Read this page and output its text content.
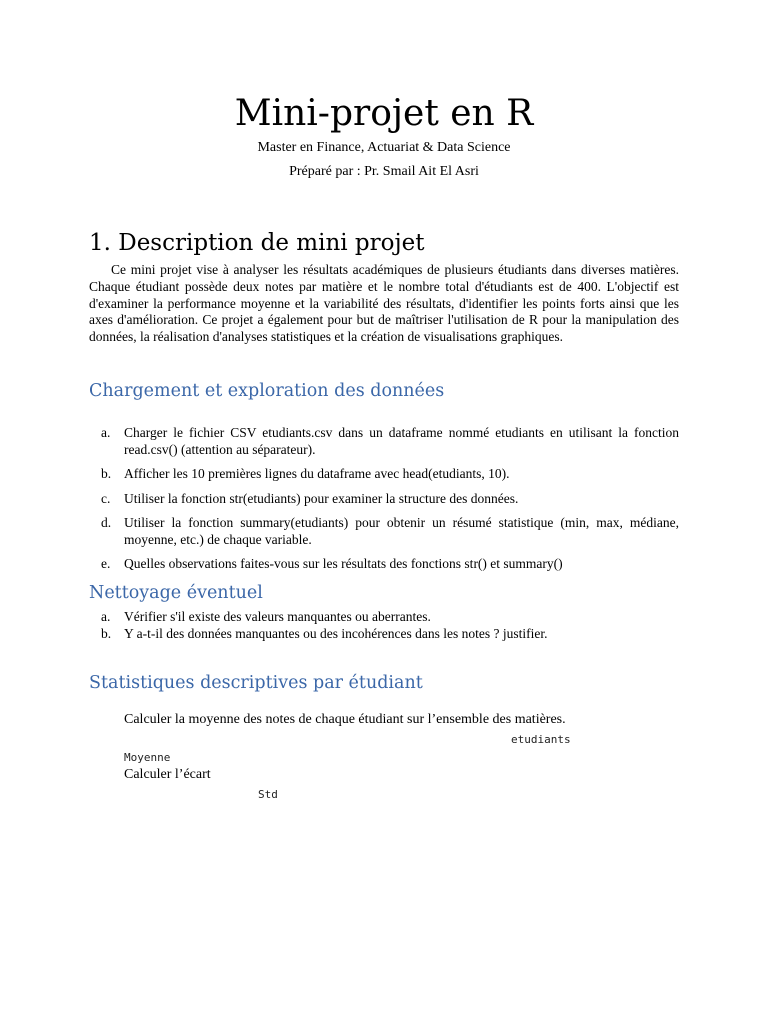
Mini-projet en R
Master en Finance, Actuariat & Data Science
Préparé par : Pr. Smail Ait El Asri
1. Description de mini projet
Ce mini projet vise à analyser les résultats académiques de plusieurs étudiants dans diverses matières. Chaque étudiant possède deux notes par matière et le nombre total d'étudiants est de 400. L'objectif est d'examiner la performance moyenne et la variabilité des résultats, d'identifier les points forts ainsi que les axes d'amélioration. Ce projet a également pour but de maîtriser l'utilisation de R pour la manipulation des données, la réalisation d'analyses statistiques et la création de visualisations graphiques.
Chargement et exploration des données
a. Charger le fichier CSV etudiants.csv dans un dataframe nommé etudiants en utilisant la fonction read.csv() (attention au séparateur).
b. Afficher les 10 premières lignes du dataframe avec head(etudiants, 10).
c. Utiliser la fonction str(etudiants) pour examiner la structure des données.
d. Utiliser la fonction summary(etudiants) pour obtenir un résumé statistique (min, max, médiane, moyenne, etc.) de chaque variable.
e. Quelles observations faites-vous sur les résultats des fonctions str() et summary()
Nettoyage éventuel
a. Vérifier s'il existe des valeurs manquantes ou aberrantes.
b. Y a-t-il des données manquantes ou des incohérences dans les notes ? justifier.
Statistiques descriptives par étudiant
Calculer la moyenne des notes de chaque étudiant sur l’ensemble des matières.
etudiants
Moyenne
Calculer l’écart
Std
